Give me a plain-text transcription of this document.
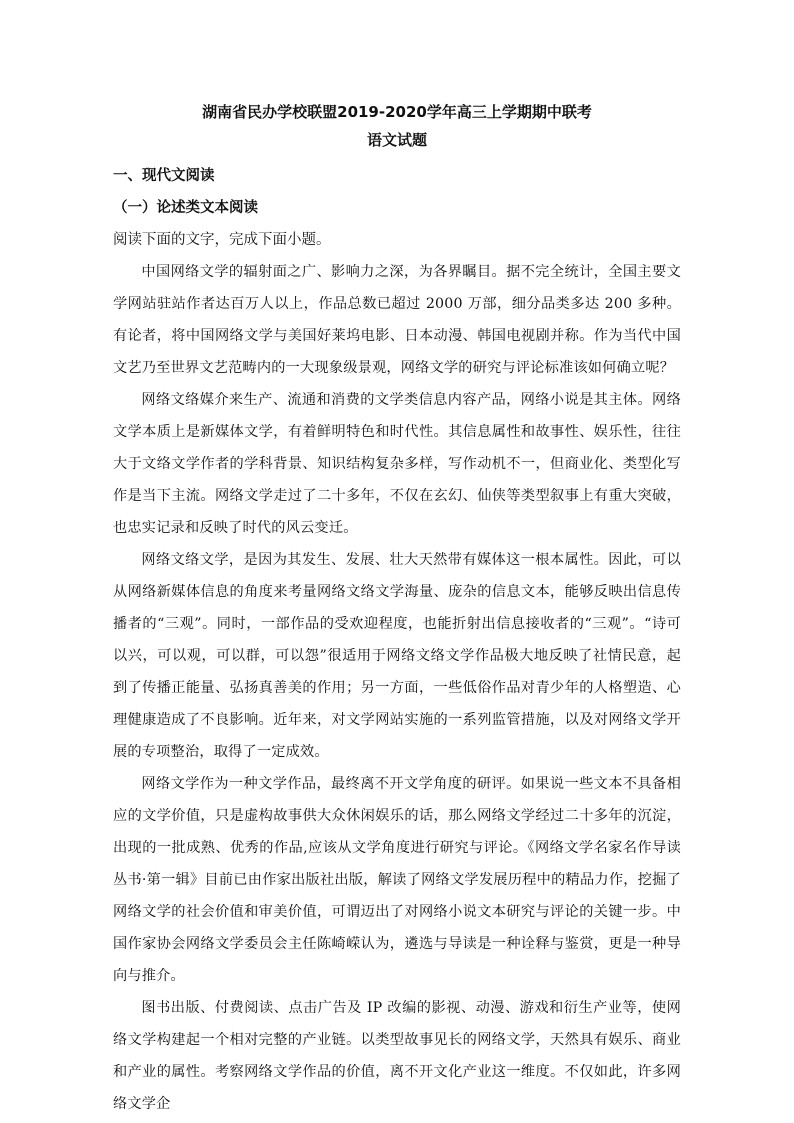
湖南省民办学校联盟2019-2020学年高三上学期期中联考

语文试题

一、现代文阅读

（一）论述类文本阅读

阅读下面的文字，完成下面小题。

中国网络文学的辐射面之广、影响力之深，为各界瞩目。据不完全统计，全国主要文学网站驻站作者达百万人以上，作品总数已超过 2000 万部，细分品类多达 200 多种。有论者，将中国网络文学与美国好莱坞电影、日本动漫、韩国电视剧并称。作为当代中国文艺乃至世界文艺范畴内的一大现象级景观，网络文学的研究与评论标准该如何确立呢？

网络文络媒介来生产、流通和消费的文学类信息内容产品，网络小说是其主体。网络文学本质上是新媒体文学，有着鲜明特色和时代性。其信息属性和故事性、娱乐性，往往大于文络文学作者的学科背景、知识结构复杂多样，写作动机不一，但商业化、类型化写作是当下主流。网络文学走过了二十多年，不仅在玄幻、仙侠等类型叙事上有重大突破，也忠实记录和反映了时代的风云变迁。

网络文络文学，是因为其发生、发展、壮大天然带有媒体这一根本属性。因此，可以从网络新媒体信息的角度来考量网络文络文学海量、庞杂的信息文本，能够反映出信息传播者的“三观”。同时，一部作品的受欢迎程度，也能折射出信息接收者的“三观”。“诗可以兴，可以观，可以群，可以怨”很适用于网络文络文学作品极大地反映了社情民意，起到了传播正能量、弘扬真善美的作用；另一方面，一些低俗作品对青少年的人格塑造、心理健康造成了不良影响。近年来，对文学网站实施的一系列监管措施，以及对网络文学开展的专项整治，取得了一定成效。

网络文学作为一种文学作品，最终离不开文学角度的研评。如果说一些文本不具备相应的文学价值，只是虚构故事供大众休闲娱乐的话，那么网络文学经过二十多年的沉淀，出现的一批成熟、优秀的作品,应该从文学角度进行研究与评论。《网络文学名家名作导读丛书·第一辑》目前已由作家出版社出版，解读了网络文学发展历程中的精品力作，挖掘了网络文学的社会价值和审美价值，可谓迈出了对网络小说文本研究与评论的关键一步。中国作家协会网络文学委员会主任陈崎嵘认为，遴选与导读是一种诠释与鉴赏，更是一种导向与推介。

图书出版、付费阅读、点击广告及 IP 改编的影视、动漫、游戏和衍生产业等，使网络文学构建起一个相对完整的产业链。以类型故事见长的网络文学，天然具有娱乐、商业和产业的属性。考察网络文学作品的价值，离不开文化产业这一维度。不仅如此，许多网络文学企
